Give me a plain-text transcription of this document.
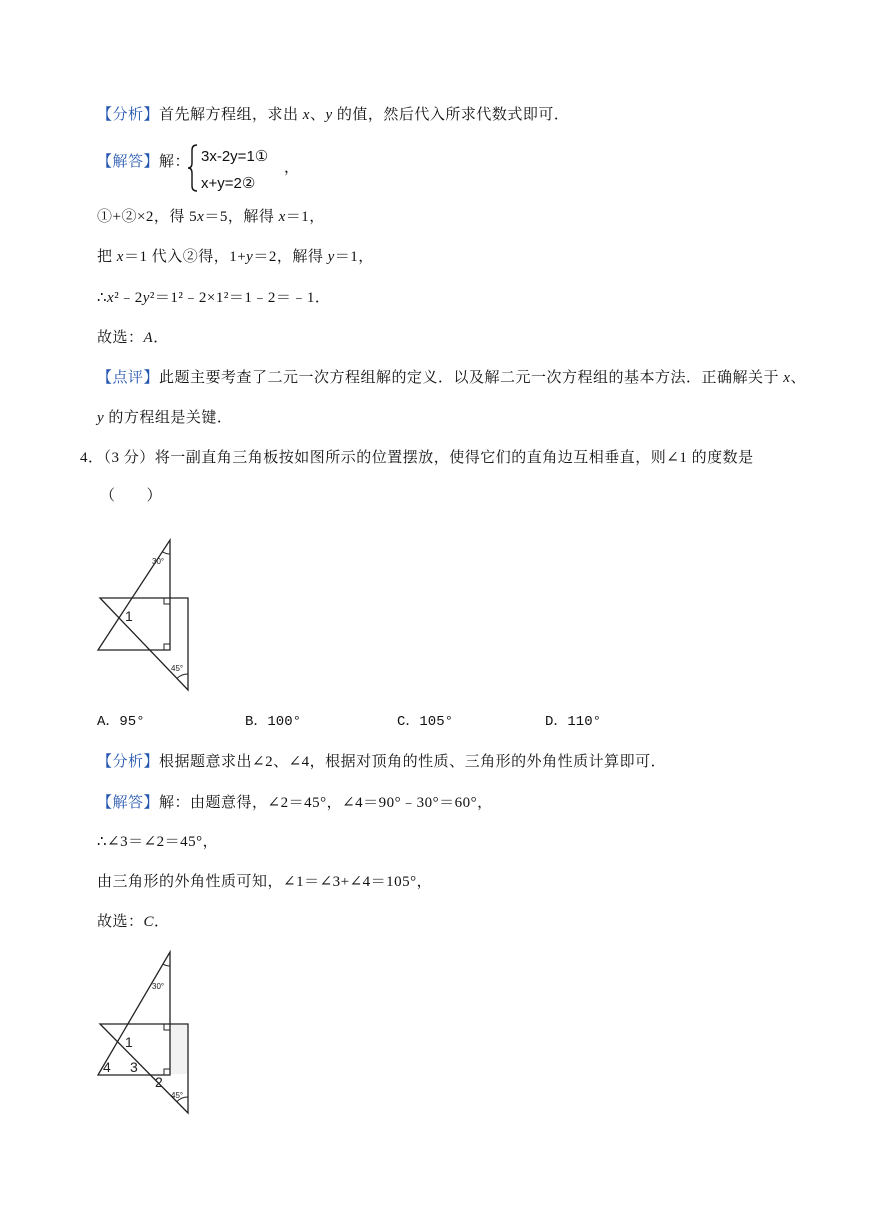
【分析】首先解方程组，求出 x、y 的值，然后代入所求代数式即可．
【解答】解： 3x-2y=1①
x+y=2②
，
①+②×2，得 5x＝5，解得 x＝1，
把 x＝1 代入②得，1+y＝2，解得 y＝1，
∴x²﹣2y²＝1²﹣2×1²＝1﹣2＝﹣1．
故选：A．
【点评】此题主要考查了二元一次方程组解的定义．以及解二元一次方程组的基本方法．正确解关于 x、
y 的方程组是关键．
4．（3 分）将一副直角三角板按如图所示的位置摆放，使得它们的直角边互相垂直，则∠1 的度数是
（　　）
30°
1
45°
A．95°	B．100°	C．105°	D．110°
【分析】根据题意求出∠2、∠4，根据对顶角的性质、三角形的外角性质计算即可．
【解答】解：由题意得，∠2＝45°，∠4＝90°﹣30°＝60°，
∴∠3＝∠2＝45°，
由三角形的外角性质可知，∠1＝∠3+∠4＝105°，
故选：C．
30°
1
4 3
2
45°
